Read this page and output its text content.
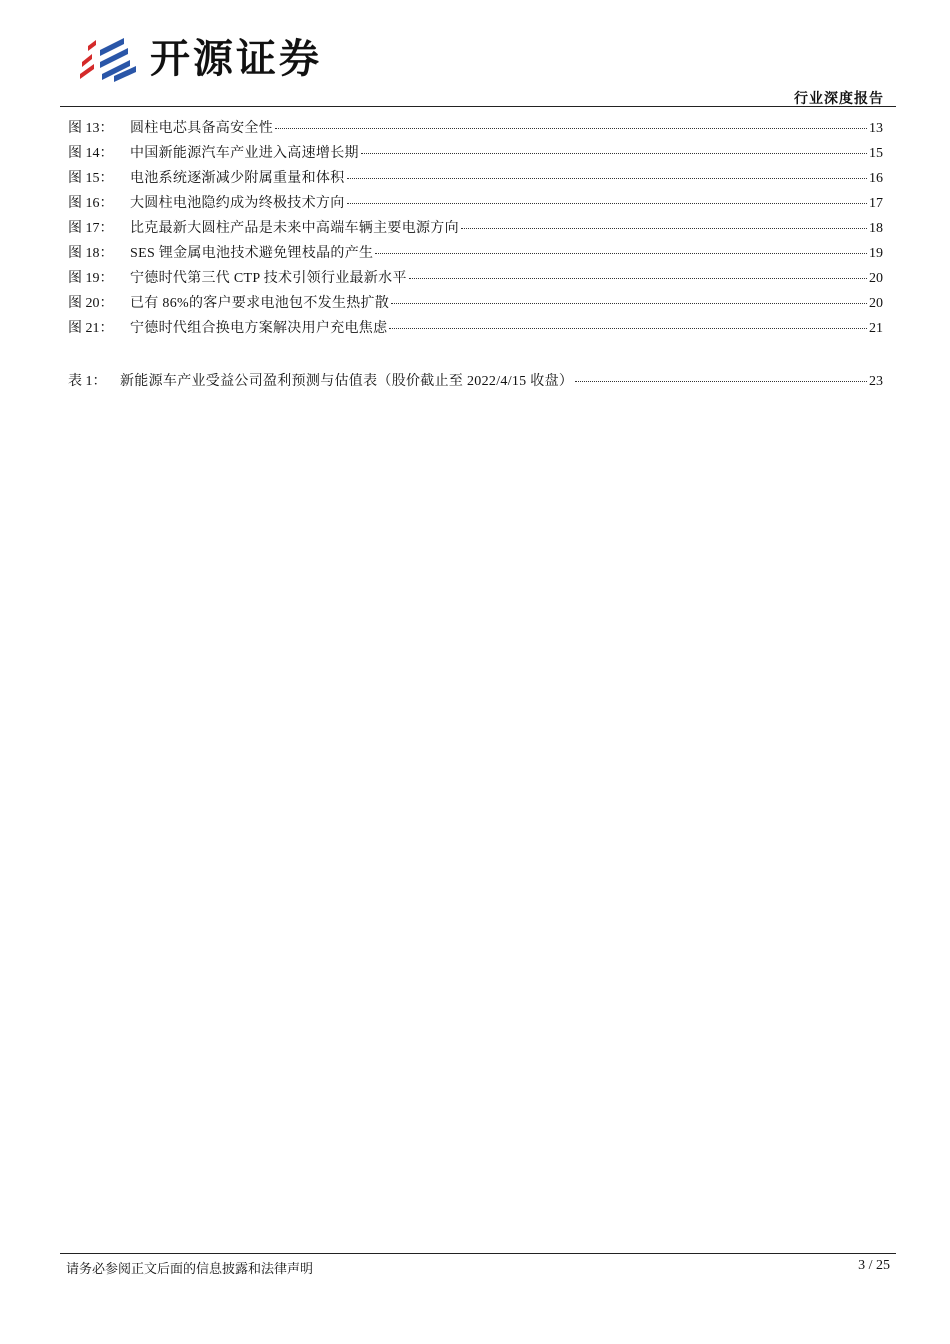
开源证券
行业深度报告
图 13：	圆柱电芯具备高安全性	13
图 14：	中国新能源汽车产业进入高速增长期	15
图 15：	电池系统逐渐减少附属重量和体积	16
图 16：	大圆柱电池隐约成为终极技术方向	17
图 17：	比克最新大圆柱产品是未来中高端车辆主要电源方向	18
图 18：	SES 锂金属电池技术避免锂枝晶的产生	19
图 19：	宁德时代第三代 CTP 技术引领行业最新水平	20
图 20：	已有 86%的客户要求电池包不发生热扩散	20
图 21：	宁德时代组合换电方案解决用户充电焦虑	21
表 1： 新能源车产业受益公司盈利预测与估值表（股价截止至 2022/4/15 收盘）	23
请务必参阅正文后面的信息披露和法律声明	3 / 25
